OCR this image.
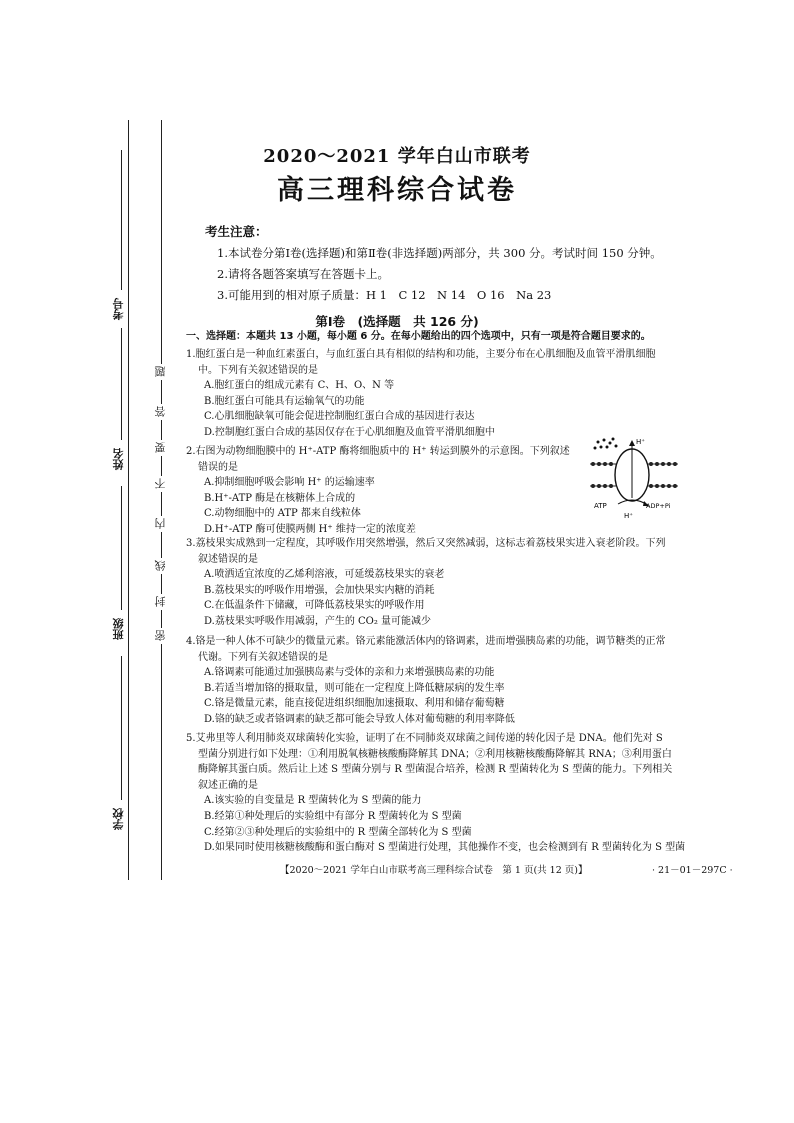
考号
姓名
班级
学校
密
封
线
内
不
要
答
题
2020～2021 学年白山市联考
高三理科综合试卷
考生注意：
1.本试卷分第Ⅰ卷(选择题)和第Ⅱ卷(非选择题)两部分，共 300 分。考试时间 150 分钟。
2.请将各题答案填写在答题卡上。
3.可能用到的相对原子质量：H 1　C 12　N 14　O 16　Na 23
第Ⅰ卷　(选择题　共 126 分)
一、选择题：本题共 13 小题，每小题 6 分。在每小题给出的四个选项中，只有一项是符合题目要求的。
1.胞红蛋白是一种血红素蛋白，与血红蛋白具有相似的结构和功能，主要分布在心肌细胞及血管平滑肌细胞
中。下列有关叙述错误的是
A.胞红蛋白的组成元素有 C、H、O、N 等
B.胞红蛋白可能具有运输氧气的功能
C.心肌细胞缺氧可能会促进控制胞红蛋白合成的基因进行表达
D.控制胞红蛋白合成的基因仅存在于心肌细胞及血管平滑肌细胞中
2.右图为动物细胞膜中的 H⁺-ATP 酶将细胞质中的 H⁺ 转运到膜外的示意图。下列叙述
错误的是
A.抑制细胞呼吸会影响 H⁺ 的运输速率
B.H⁺-ATP 酶是在核糖体上合成的
C.动物细胞中的 ATP 都来自线粒体
D.H⁺-ATP 酶可使膜两侧 H⁺ 维持一定的浓度差
H⁺
ATP	ADP+Pi
H⁺
3.荔枝果实成熟到一定程度，其呼吸作用突然增强，然后又突然减弱，这标志着荔枝果实进入衰老阶段。下列
叙述错误的是
A.喷洒适宜浓度的乙烯利溶液，可延缓荔枝果实的衰老
B.荔枝果实的呼吸作用增强，会加快果实内糖的消耗
C.在低温条件下储藏，可降低荔枝果实的呼吸作用
D.荔枝果实呼吸作用减弱，产生的 CO₂ 量可能减少
4.铬是一种人体不可缺少的微量元素。铬元素能激活体内的铬调素，进而增强胰岛素的功能，调节糖类的正常
代谢。下列有关叙述错误的是
A.铬调素可能通过加强胰岛素与受体的亲和力来增强胰岛素的功能
B.若适当增加铬的摄取量，则可能在一定程度上降低糖尿病的发生率
C.铬是微量元素，能直接促进组织细胞加速摄取、利用和储存葡萄糖
D.铬的缺乏或者铬调素的缺乏都可能会导致人体对葡萄糖的利用率降低
5.艾弗里等人利用肺炎双球菌转化实验，证明了在不同肺炎双球菌之间传递的转化因子是 DNA。他们先对 S
型菌分别进行如下处理：①利用脱氧核糖核酸酶降解其 DNA；②利用核糖核酸酶降解其 RNA；③利用蛋白
酶降解其蛋白质。然后让上述 S 型菌分别与 R 型菌混合培养，检测 R 型菌转化为 S 型菌的能力。下列相关
叙述正确的是
A.该实验的自变量是 R 型菌转化为 S 型菌的能力
B.经第①种处理后的实验组中有部分 R 型菌转化为 S 型菌
C.经第②③种处理后的实验组中的 R 型菌全部转化为 S 型菌
D.如果同时使用核糖核酸酶和蛋白酶对 S 型菌进行处理，其他操作不变，也会检测到有 R 型菌转化为 S 型菌
【2020～2021 学年白山市联考高三理科综合试卷　第 1 页(共 12 页)】	· 21－01－297C ·
